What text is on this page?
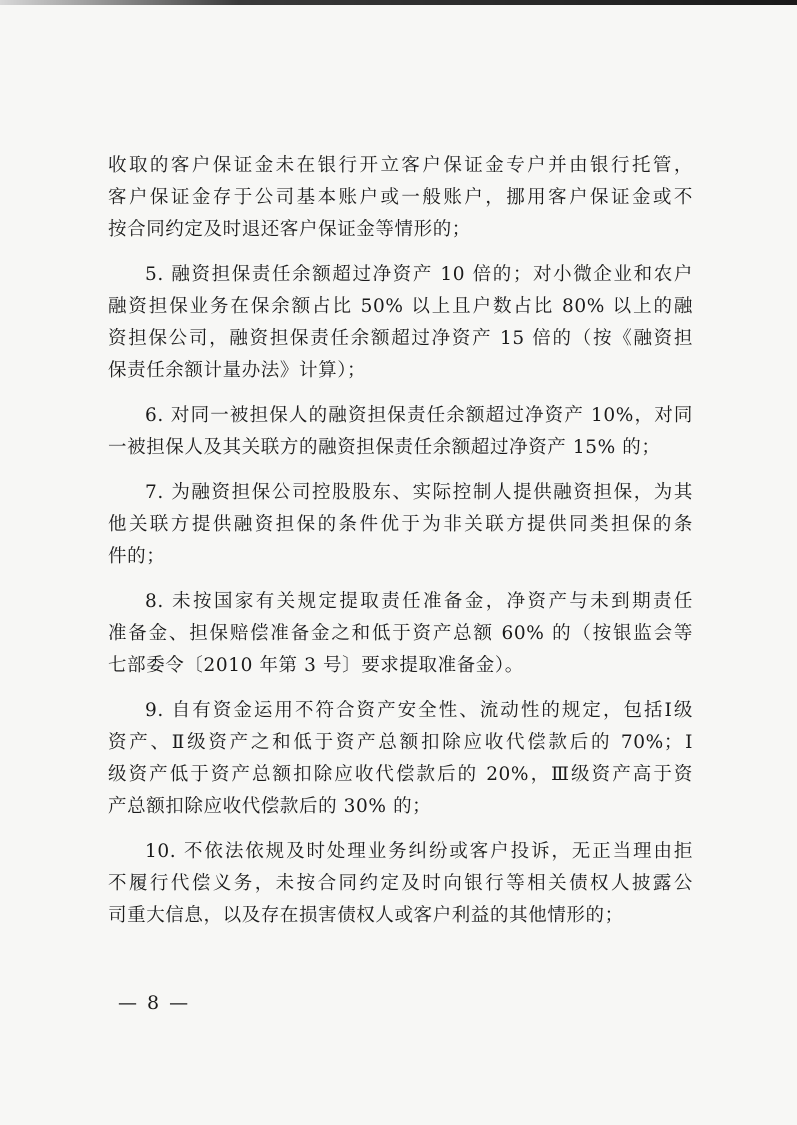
收取的客户保证金未在银行开立客户保证金专户并由银行托管，
客户保证金存于公司基本账户或一般账户，挪用客户保证金或不
按合同约定及时退还客户保证金等情形的；
5. 融资担保责任余额超过净资产 10 倍的；对小微企业和农户
融资担保业务在保余额占比 50% 以上且户数占比 80% 以上的融
资担保公司，融资担保责任余额超过净资产 15 倍的（按《融资担
保责任余额计量办法》计算）；
6. 对同一被担保人的融资担保责任余额超过净资产 10%，对同
一被担保人及其关联方的融资担保责任余额超过净资产 15% 的；
7. 为融资担保公司控股股东、实际控制人提供融资担保，为其
他关联方提供融资担保的条件优于为非关联方提供同类担保的条
件的；
8. 未按国家有关规定提取责任准备金，净资产与未到期责任
准备金、担保赔偿准备金之和低于资产总额 60% 的（按银监会等
七部委令〔2010 年第 3 号〕要求提取准备金）。
9. 自有资金运用不符合资产安全性、流动性的规定，包括Ⅰ级
资产、Ⅱ级资产之和低于资产总额扣除应收代偿款后的 70%；Ⅰ
级资产低于资产总额扣除应收代偿款后的 20%，Ⅲ级资产高于资
产总额扣除应收代偿款后的 30% 的；
10. 不依法依规及时处理业务纠纷或客户投诉，无正当理由拒
不履行代偿义务，未按合同约定及时向银行等相关债权人披露公
司重大信息，以及存在损害债权人或客户利益的其他情形的；
— 8 —
